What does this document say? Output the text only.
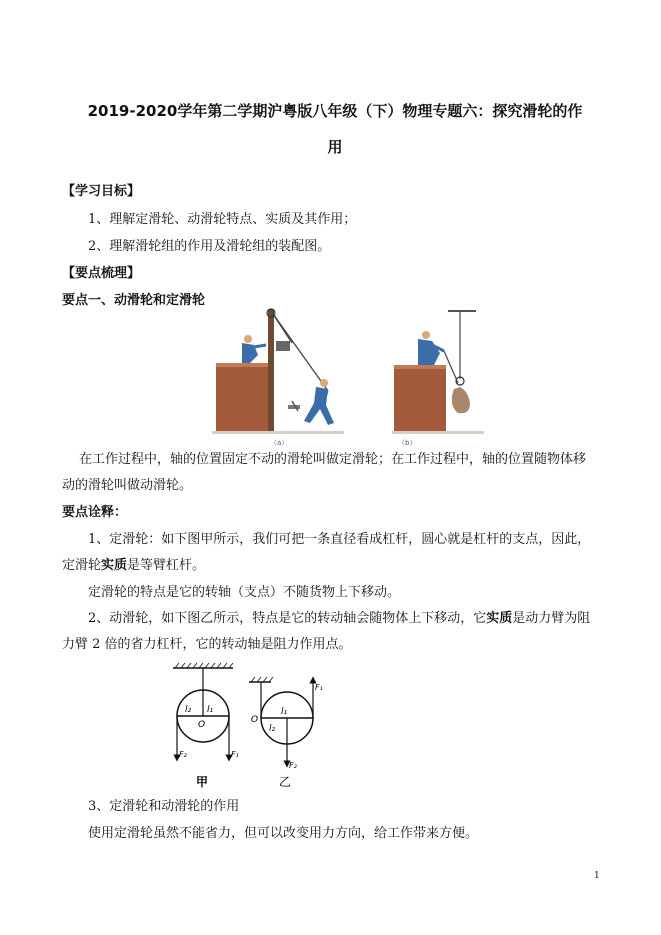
2019-2020学年第二学期沪粤版八年级（下）物理专题六：探究滑轮的作
用
【学习目标】
1、理解定滑轮、动滑轮特点、实质及其作用；
2、理解滑轮组的作用及滑轮组的装配图。
【要点梳理】
要点一、动滑轮和定滑轮
（a）	（b）
在工作过程中，轴的位置固定不动的滑轮叫做定滑轮；在工作过程中，轴的位置随物体移
动的滑轮叫做动滑轮。
要点诠释：
1、定滑轮：如下图甲所示，我们可把一条直径看成杠杆，圆心就是杠杆的支点，因此，
定滑轮实质是等臂杠杆。
定滑轮的特点是它的转轴（支点）不随货物上下移动。
2、动滑轮，如下图乙所示，特点是它的转动轴会随物体上下移动，它实质是动力臂为阻
力臂 2 倍的省力杠杆，它的转动轴是阻力作用点。
l₂ l₁
O
F₂	F₁
甲
O
l₁
l₂
F₁
F₂
乙
3、定滑轮和动滑轮的作用
使用定滑轮虽然不能省力，但可以改变用力方向，给工作带来方便。
1
